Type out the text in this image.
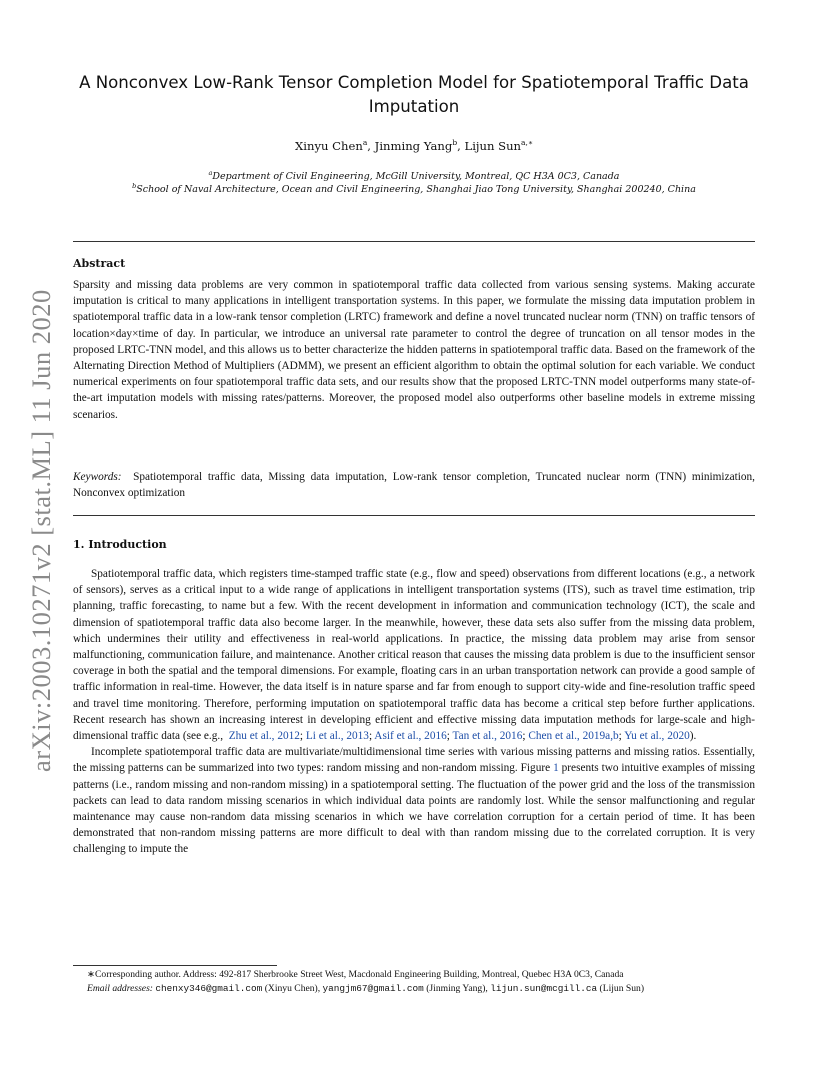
arXiv:2003.10271v2 [stat.ML] 11 Jun 2020
A Nonconvex Low-Rank Tensor Completion Model for Spatiotemporal Traffic Data Imputation
Xinyu Chen$^a$, Jinming Yang$^b$, Lijun Sun$^{a,∗}$
$^a$Department of Civil Engineering, McGill University, Montreal, QC H3A 0C3, Canada
$^b$School of Naval Architecture, Ocean and Civil Engineering, Shanghai Jiao Tong University, Shanghai 200240, China
Abstract

Sparsity and missing data problems are very common in spatiotemporal traffic data collected from various sensing systems. Making accurate imputation is critical to many applications in intelligent transportation systems. In this paper, we formulate the missing data imputation problem in spatiotemporal traffic data in a low-rank tensor completion (LRTC) framework and define a novel truncated nuclear norm (TNN) on traffic tensors of location×day×time of day. In particular, we introduce an universal rate parameter to control the degree of truncation on all tensor modes in the proposed LRTC-TNN model, and this allows us to better characterize the hidden patterns in spatiotemporal traffic data. Based on the framework of the Alternating Direction Method of Multipliers (ADMM), we present an efficient algorithm to obtain the optimal solution for each variable. We conduct numerical experiments on four spatiotemporal traffic data sets, and our results show that the proposed LRTC-TNN model outperforms many state-of-the-art imputation models with missing rates/patterns. Moreover, the proposed model also outperforms other baseline models in extreme missing scenarios.

Keywords: Spatiotemporal traffic data, Missing data imputation, Low-rank tensor completion, Truncated nuclear norm (TNN) minimization, Nonconvex optimization

1. Introduction

Spatiotemporal traffic data, which registers time-stamped traffic state (e.g., flow and speed) observations from different locations (e.g., a network of sensors), serves as a critical input to a wide range of applications in intelligent transportation systems (ITS), such as travel time estimation, trip planning, traffic forecasting, to name but a few. With the recent development in information and communication technology (ICT), the scale and dimension of spatiotemporal traffic data also become larger. In the meanwhile, however, these data sets also suffer from the missing data problem, which undermines their utility and effectiveness in real-world applications. In practice, the missing data problem may arise from sensor malfunctioning, communication failure, and maintenance. Another critical reason that causes the missing data problem is due to the insufficient sensor coverage in both the spatial and the temporal dimensions. For example, floating cars in an urban transportation network can provide a good sample of traffic information in real-time. However, the data itself is in nature sparse and far from enough to support city-wide and fine-resolution traffic speed and travel time monitoring. Therefore, performing imputation on spatiotemporal traffic data has become a critical step before further applications. Recent research has shown an increasing interest in developing efficient and effective missing data imputation methods for large-scale and high-dimensional traffic data (see e.g., Zhu et al., 2012; Li et al., 2013; Asif et al., 2016; Tan et al., 2016; Chen et al., 2019a,b; Yu et al., 2020).

Incomplete spatiotemporal traffic data are multivariate/multidimensional time series with various missing patterns and missing ratios. Essentially, the missing patterns can be summarized into two types: random missing and non-random missing. Figure 1 presents two intuitive examples of missing patterns (i.e., random missing and non-random missing) in a spatiotemporal setting. The fluctuation of the power grid and the loss of the transmission packets can lead to data random missing scenarios in which individual data points are randomly lost. While the sensor malfunctioning and regular maintenance may cause non-random data missing scenarios in which we have correlation corruption for a certain period of time. It has been demonstrated that non-random missing patterns are more difficult to deal with than random missing due to the correlated corruption. It is very challenging to impute the

∗Corresponding author. Address: 492-817 Sherbrooke Street West, Macdonald Engineering Building, Montreal, Quebec H3A 0C3, Canada
Email addresses: chenxy346@gmail.com (Xinyu Chen), yangjm67@gmail.com (Jinming Yang), lijun.sun@mcgill.ca (Lijun Sun)
